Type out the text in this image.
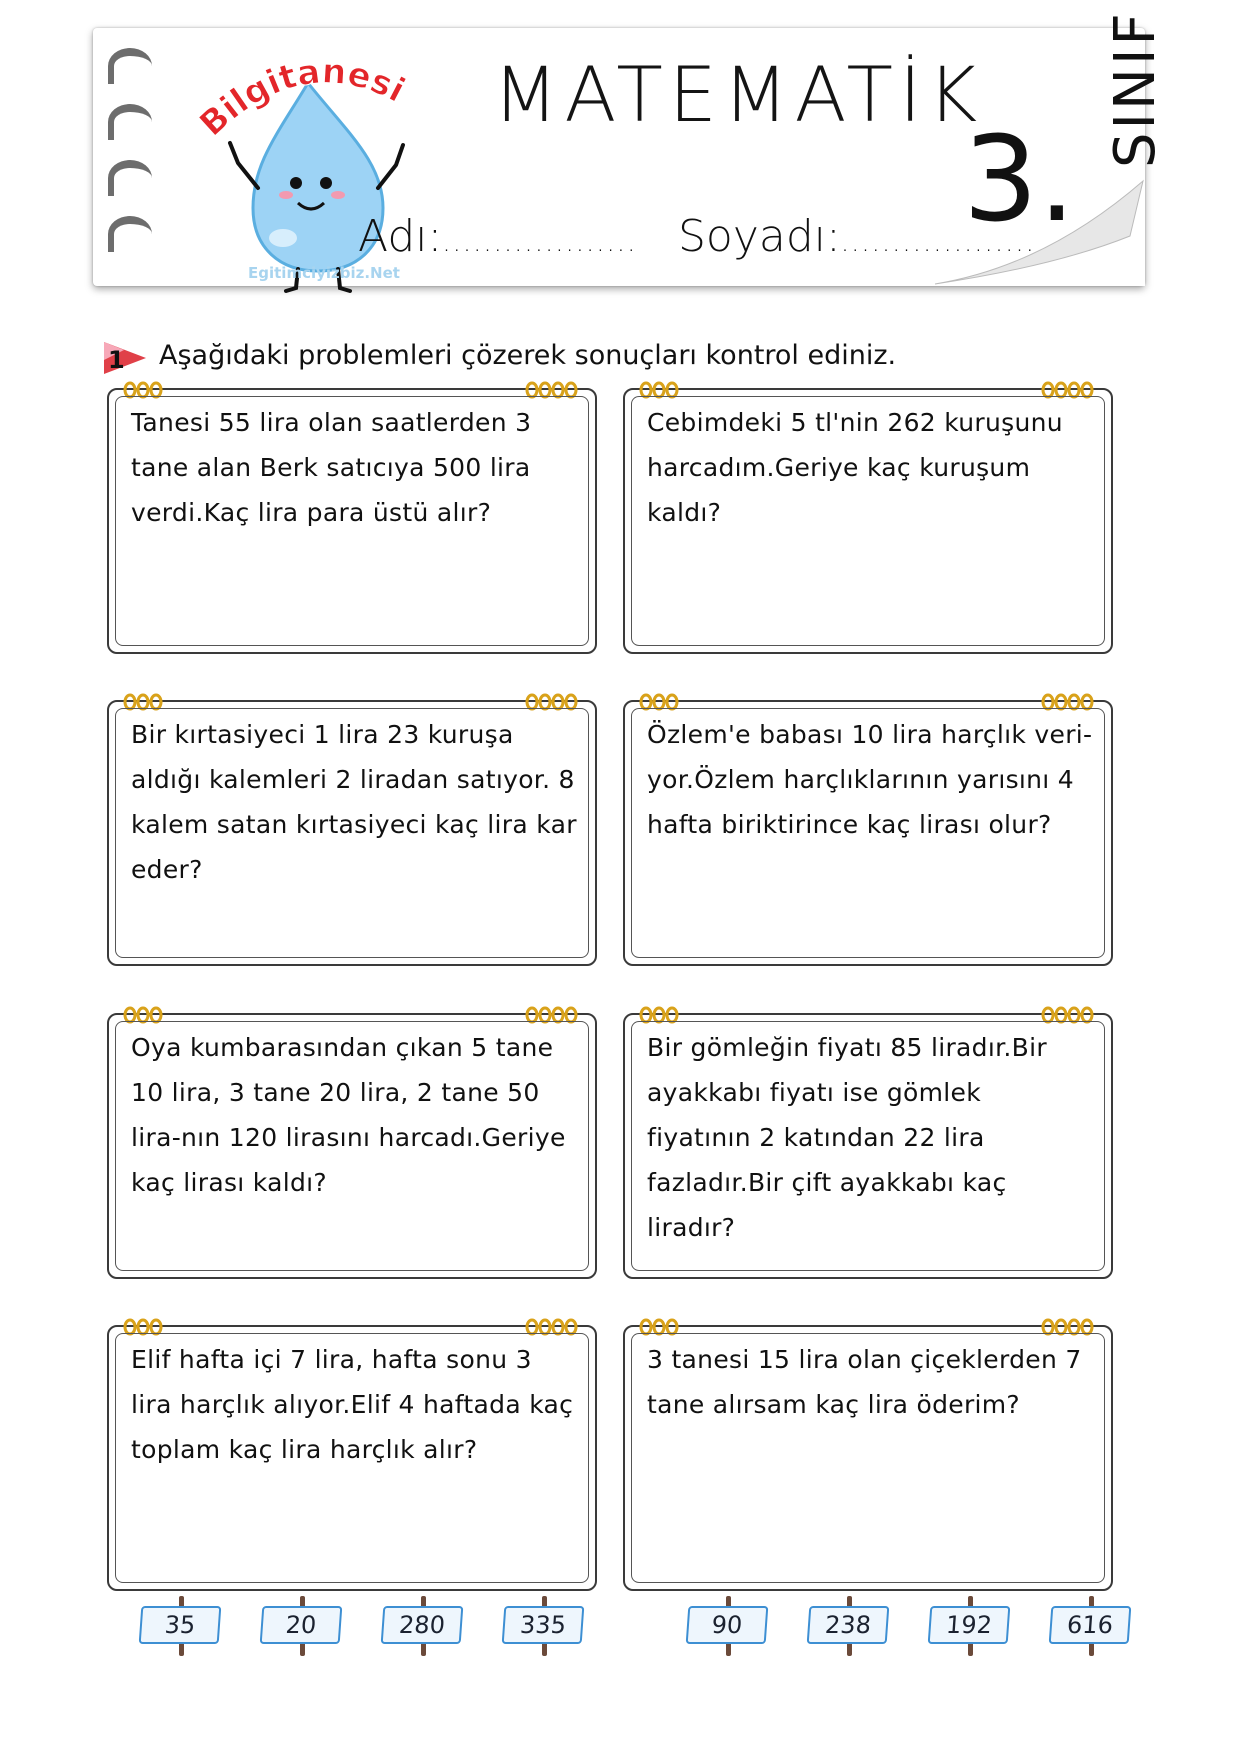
Bilgitanesi
Egitimciyizbiz.Net
MATEMATİK
3.
SINIF
Adı:................... Soyadı:...................
1 Aşağıdaki problemleri çözerek sonuçları kontrol ediniz.
Tanesi 55 lira olan saatlerden 3 tane alan Berk satıcıya 500 lira verdi.Kaç lira para üstü alır?
Cebimdeki 5 tl'nin 262 kuruşunu harcadım.Geriye kaç kuruşum kaldı?
Bir kırtasiyeci 1 lira 23 kuruşa aldığı kalemleri 2 liradan satıyor. 8 kalem satan kırtasiyeci kaç lira kar eder?
Özlem'e babası 10 lira harçlık veri-yor.Özlem harçlıklarının yarısını 4 hafta biriktirince kaç lirası olur?
Oya kumbarasından çıkan 5 tane 10 lira, 3 tane 20 lira, 2 tane 50 lira-nın 120 lirasını harcadı.Geriye kaç lirası kaldı?
Bir gömleğin fiyatı 85 liradır.Bir ayakkabı fiyatı ise gömlek fiyatının 2 katından 22 lira fazladır.Bir çift ayakkabı kaç liradır?
Elif hafta içi 7 lira, hafta sonu 3 lira harçlık alıyor.Elif 4 haftada kaç toplam kaç lira harçlık alır?
3 tanesi 15 lira olan çiçeklerden 7 tane alırsam kaç lira öderim?
35	20	280	335	90	238	192	616
